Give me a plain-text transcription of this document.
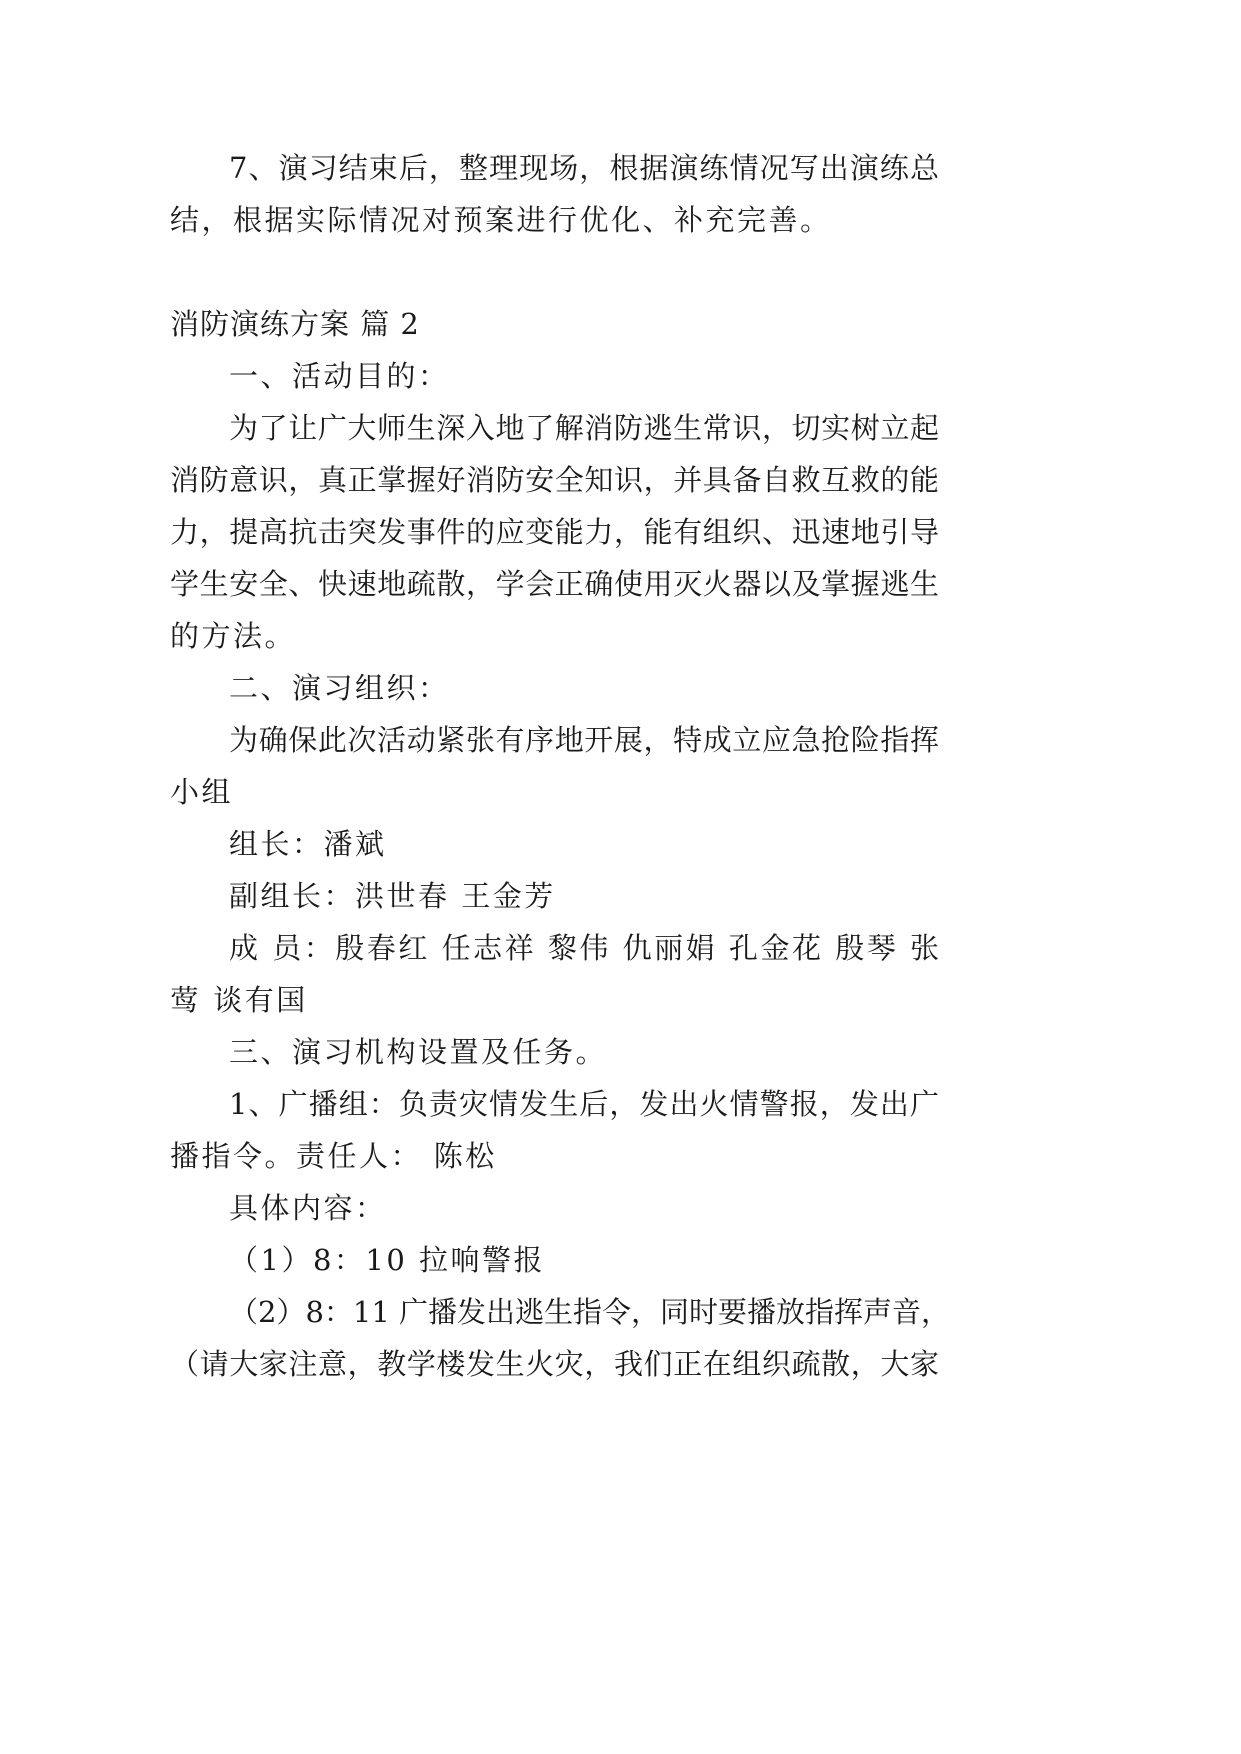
7、演习结束后，整理现场，根据演练情况写出演练总
结，根据实际情况对预案进行优化、补充完善。
消防演练方案 篇 2
一、活动目的：
为了让广大师生深入地了解消防逃生常识，切实树立起
消防意识，真正掌握好消防安全知识，并具备自救互救的能
力，提高抗击突发事件的应变能力，能有组织、迅速地引导
学生安全、快速地疏散，学会正确使用灭火器以及掌握逃生
的方法。
二、演习组织：
为确保此次活动紧张有序地开展，特成立应急抢险指挥
小组
组长：潘斌
副组长：洪世春 王金芳
成 员：殷春红 任志祥 黎伟 仇丽娟 孔金花 殷琴 张
莺 谈有国
三、演习机构设置及任务。
1、广播组：负责灾情发生后，发出火情警报，发出广
播指令。责任人： 陈松
具体内容：
（1）8：10 拉响警报
（2）8：11 广播发出逃生指令，同时要播放指挥声音，
（请大家注意，教学楼发生火灾，我们正在组织疏散，大家
